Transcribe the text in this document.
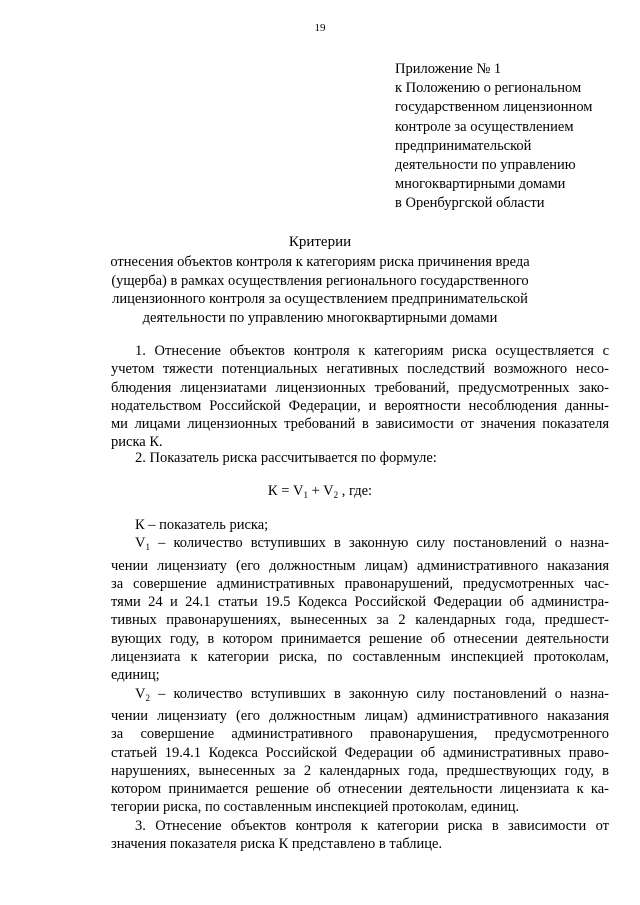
19
Приложение № 1
к Положению о региональном
государственном лицензионном
контроле за осуществлением
предпринимательской
деятельности по управлению
многоквартирными домами
в Оренбургской области
Критерии
отнесения объектов контроля к категориям риска причинения вреда
(ущерба) в рамках осуществления регионального государственного
лицензионного контроля за осуществлением предпринимательской
деятельности по управлению многоквартирными домами
1. Отнесение объектов контроля к категориям риска осуществляется с
учетом тяжести потенциальных негативных последствий возможного несо-
блюдения лицензиатами лицензионных требований, предусмотренных зако-
нодательством Российской Федерации, и вероятности несоблюдения данны-
ми лицами лицензионных требований в зависимости от значения показателя
риска К.
2. Показатель риска рассчитывается по формуле:
$К = V_1 + V_2$ , где:
К – показатель риска;
$V_1$ – количество вступивших в законную силу постановлений о назна-
чении лицензиату (его должностным лицам) административного наказания
за совершение административных правонарушений, предусмотренных час-
тями 24 и 24.1 статьи 19.5 Кодекса Российской Федерации об администра-
тивных правонарушениях, вынесенных за 2 календарных года, предшест-
вующих году, в котором принимается решение об отнесении деятельности
лицензиата к категории риска, по составленным инспекцией протоколам,
единиц;
$V_2$ – количество вступивших в законную силу постановлений о назна-
чении лицензиату (его должностным лицам) административного наказания
за совершение административного правонарушения, предусмотренного
статьей 19.4.1 Кодекса Российской Федерации об административных право-
нарушениях, вынесенных за 2 календарных года, предшествующих году, в
котором принимается решение об отнесении деятельности лицензиата к ка-
тегории риска, по составленным инспекцией протоколам, единиц.
3. Отнесение объектов контроля к категории риска в зависимости от
значения показателя риска К представлено в таблице.
